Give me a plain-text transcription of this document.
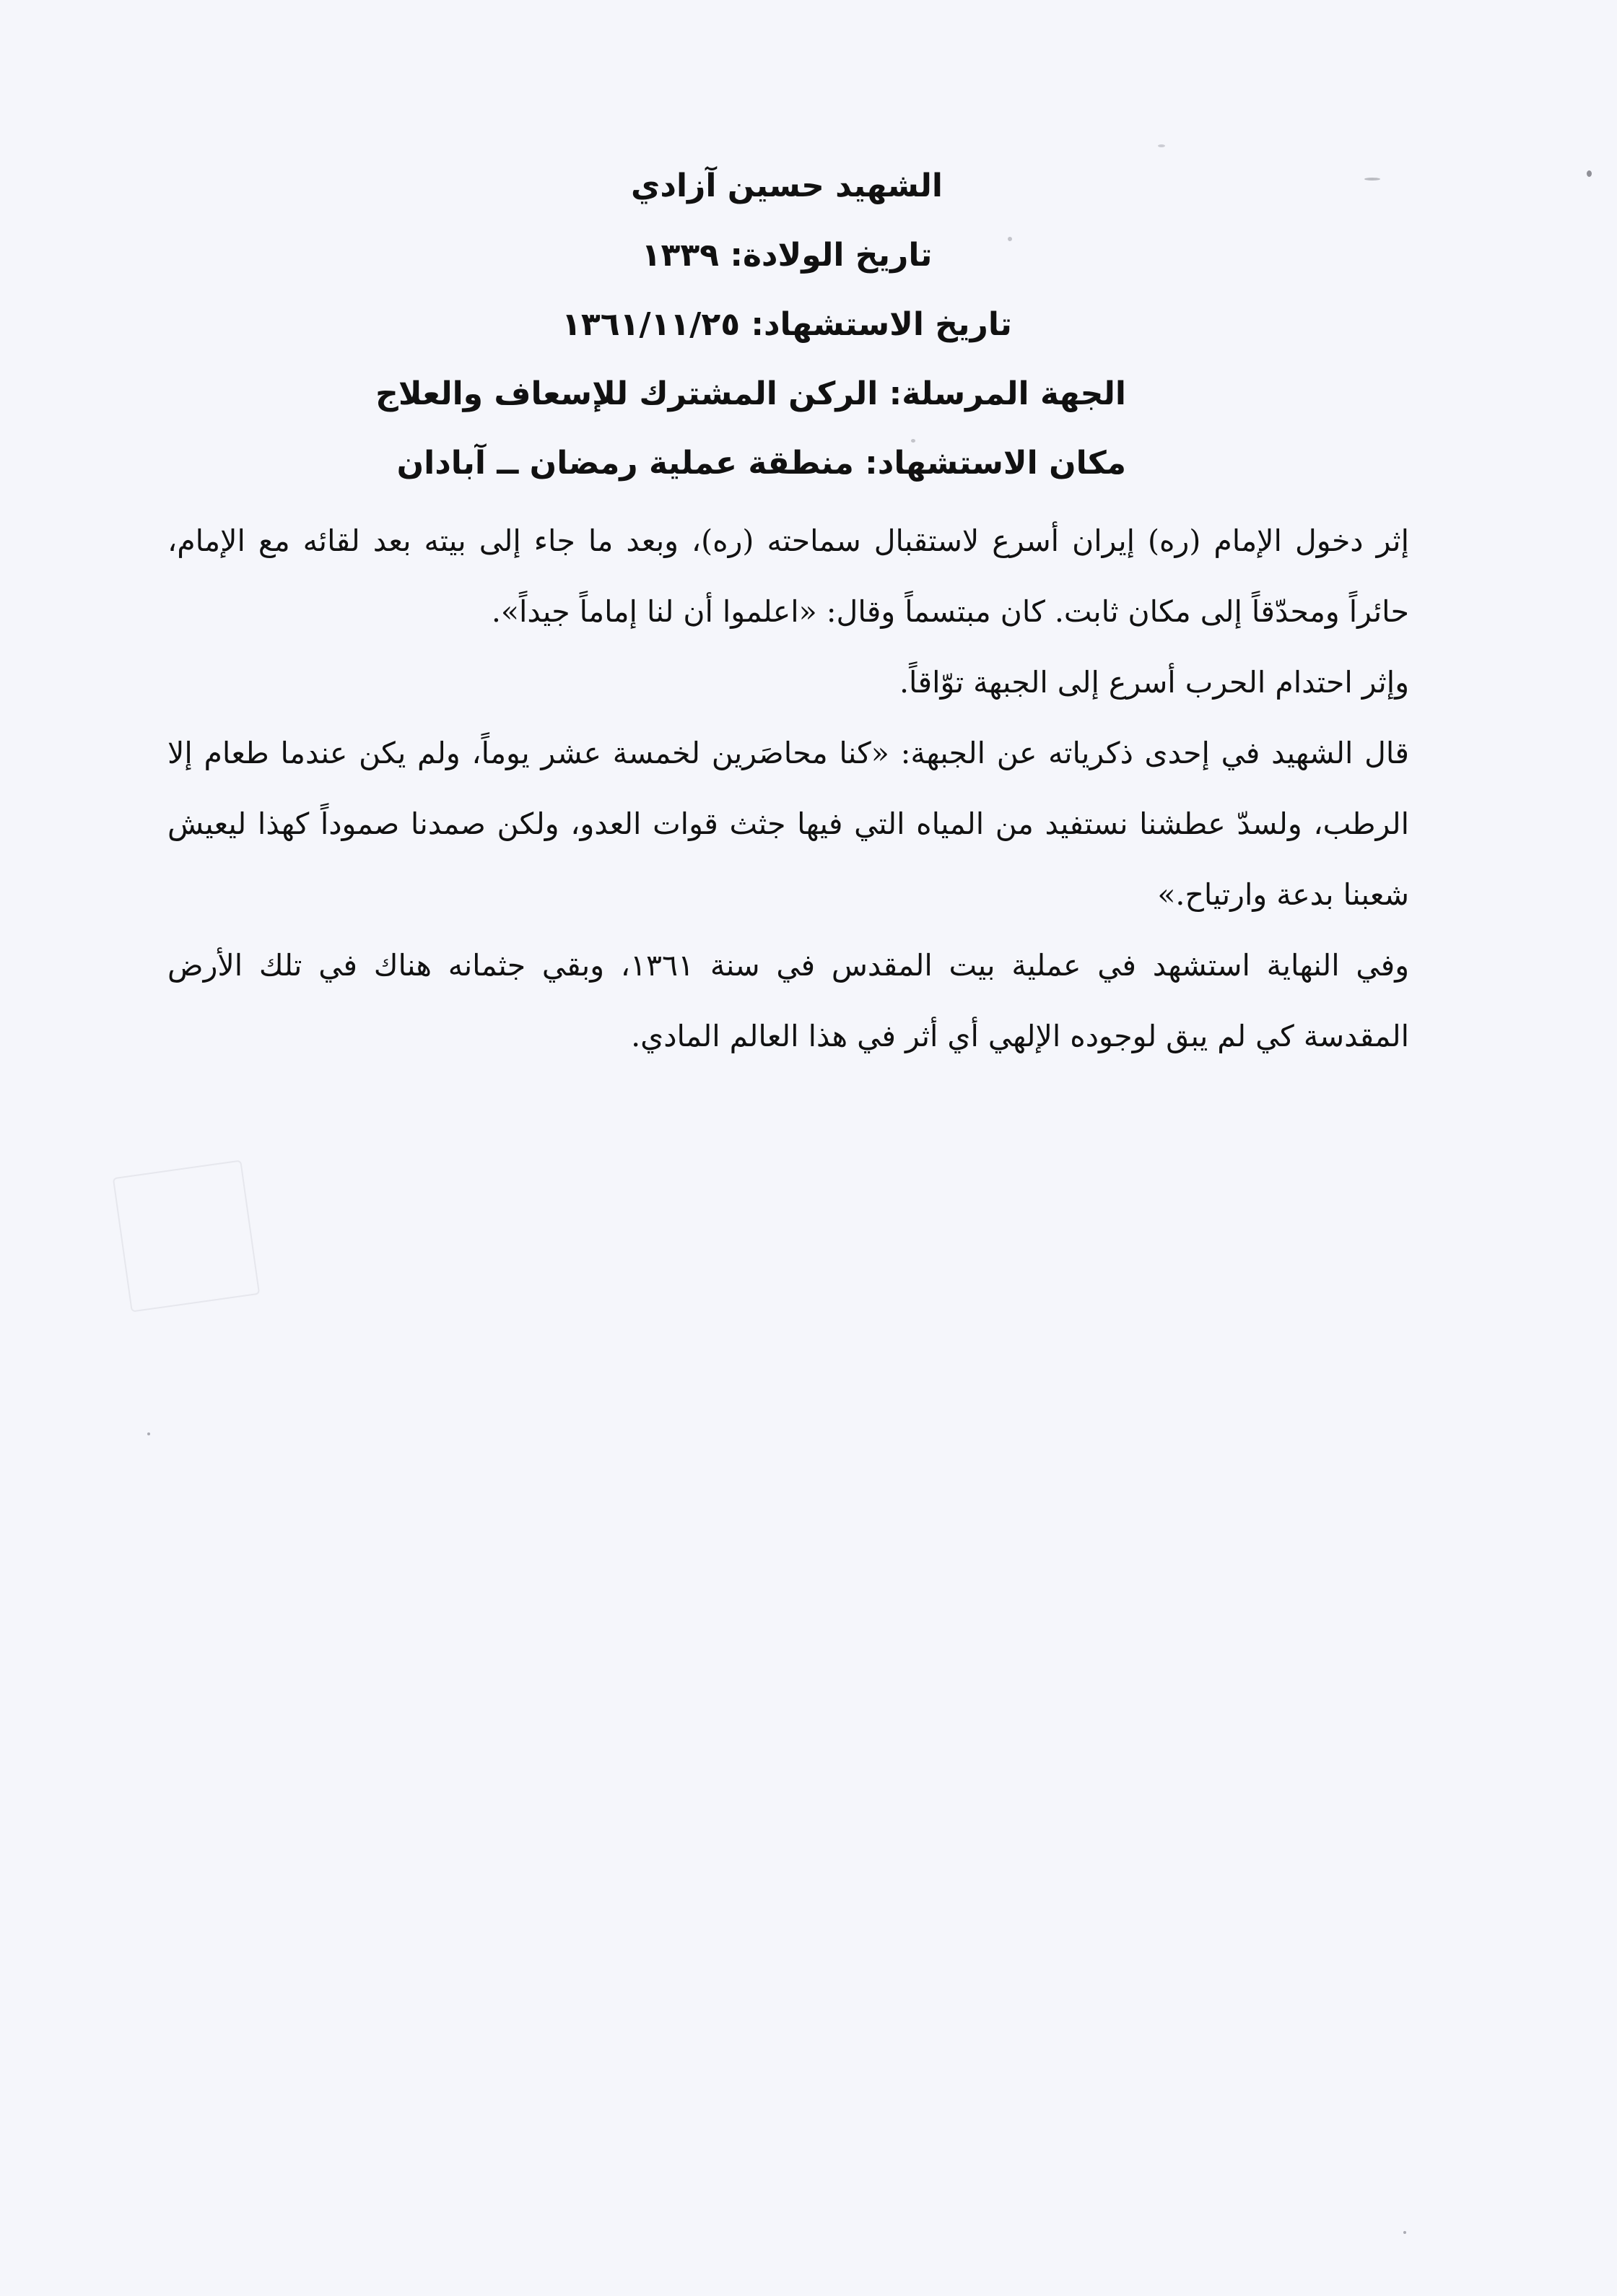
الشهيد حسين آزادي
تاريخ الولادة: ١٣٣٩
تاريخ الاستشهاد: ١٣٦١/١١/٢٥
الجهة المرسلة: الركن المشترك للإسعاف والعلاج
مكان الاستشهاد: منطقة عملية رمضان ــ آبادان

إثر دخول الإمام (ره) إيران أسرع لاستقبال سماحته (ره)، وبعد ما جاء إلى بيته بعد لقائه مع الإمام، حائراً ومحدّقاً إلى مكان ثابت. كان مبتسماً وقال: «اعلموا أن لنا إماماً جيداً».

وإثر احتدام الحرب أسرع إلى الجبهة توّاقاً.

قال الشهيد في إحدى ذكرياته عن الجبهة: «كنا محاصَرين لخمسة عشر يوماً، ولم يكن عندما طعام إلا الرطب، ولسدّ عطشنا نستفيد من المياه التي فيها جثث قوات العدو، ولكن صمدنا صموداً كهذا ليعيش شعبنا بدعة وارتياح.»

وفي النهاية استشهد في عملية بيت المقدس في سنة ١٣٦١، وبقي جثمانه هناك في تلك الأرض المقدسة كي لم يبق لوجوده الإلهي أي أثر في هذا العالم المادي.
